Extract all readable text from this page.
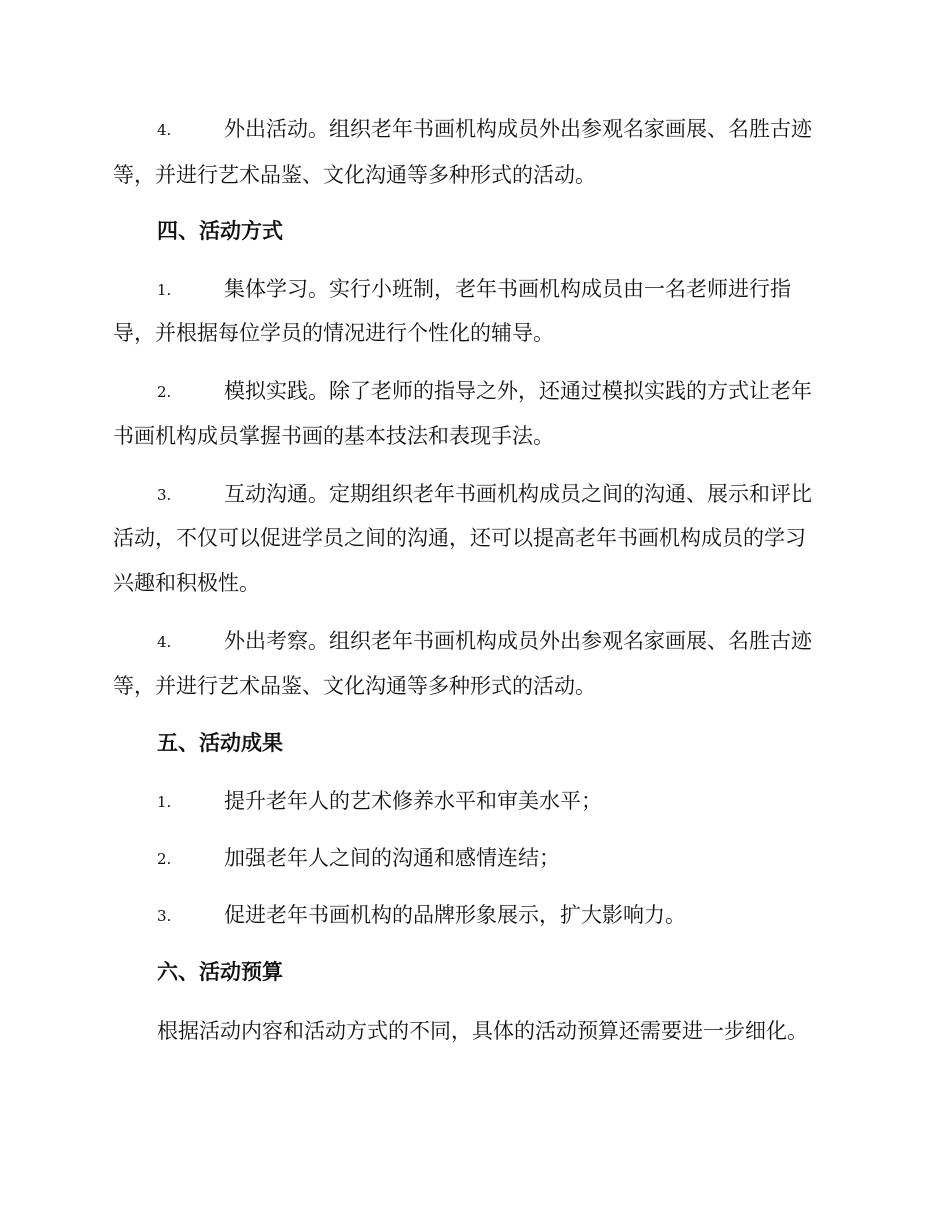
4.	外出活动。组织老年书画机构成员外出参观名家画展、名胜古迹
等，并进行艺术品鉴、文化沟通等多种形式的活动。
四、活动方式
1.	集体学习。实行小班制，老年书画机构成员由一名老师进行指
导，并根据每位学员的情况进行个性化的辅导。
2.	模拟实践。除了老师的指导之外，还通过模拟实践的方式让老年
书画机构成员掌握书画的基本技法和表现手法。
3.	互动沟通。定期组织老年书画机构成员之间的沟通、展示和评比
活动，不仅可以促进学员之间的沟通，还可以提高老年书画机构成员的学习
兴趣和积极性。
4.	外出考察。组织老年书画机构成员外出参观名家画展、名胜古迹
等，并进行艺术品鉴、文化沟通等多种形式的活动。
五、活动成果
1.	提升老年人的艺术修养水平和审美水平；
2.	加强老年人之间的沟通和感情连结；
3.	促进老年书画机构的品牌形象展示，扩大影响力。
六、活动预算
根据活动内容和活动方式的不同，具体的活动预算还需要进一步细化。
